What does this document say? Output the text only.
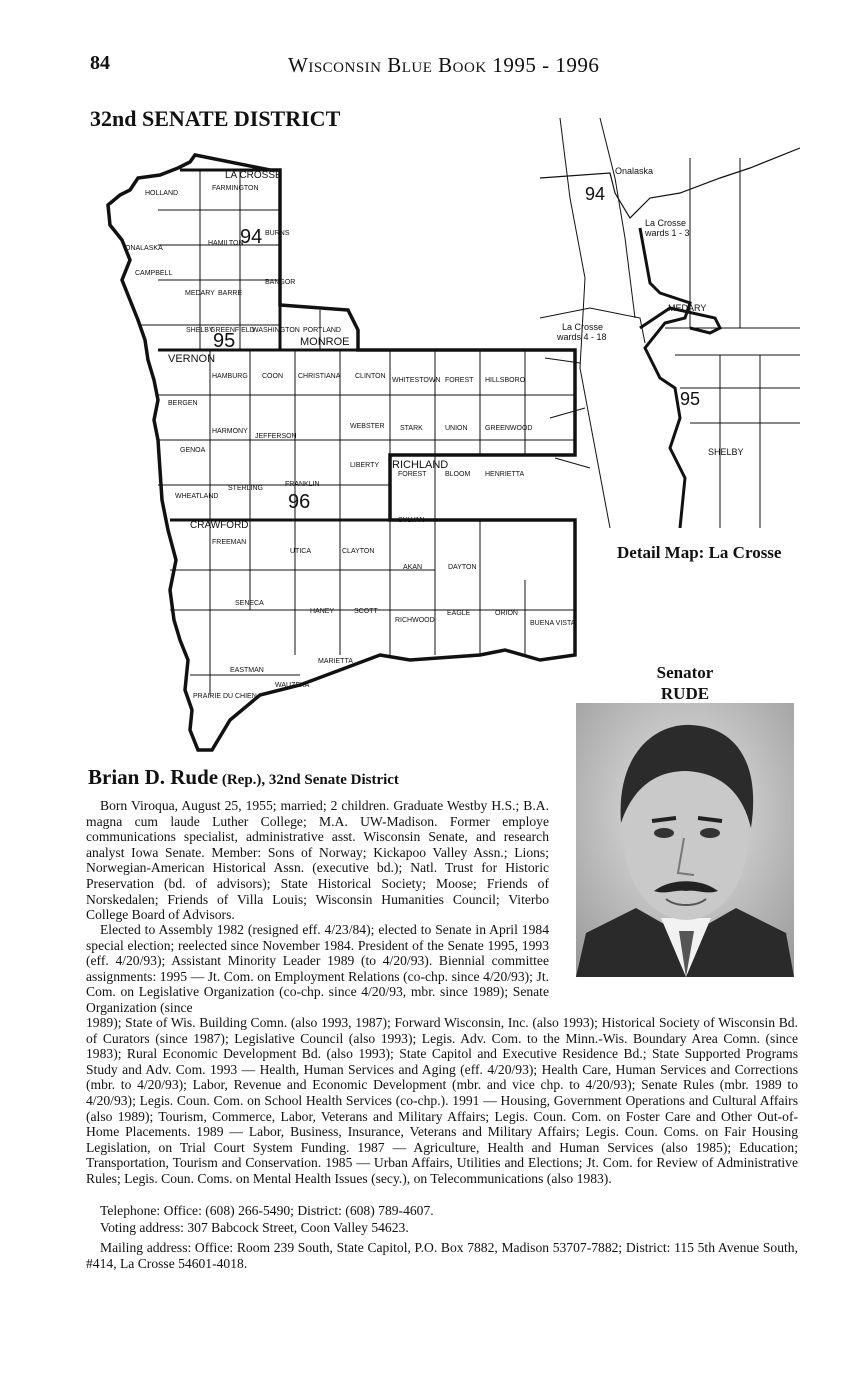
84	Wisconsin Blue Book 1995 - 1996
32nd SENATE DISTRICT
LA CROSSE
FARMINGTON
HOLLAND
HAMILTON
BURNS
ONALASKA
CAMPBELL
MEDARY BARRE
BANGOR
SHELBY
GREENFIELD
WASHINGTON PORTLAND
MONROE
VERNON
HAMBURG COON CHRISTIANA CLINTON
WHITESTOWN FOREST HILLSBORO
BERGEN
HARMONY
JEFFERSON
WEBSTER STARK	UNION GREENWOOD
GENOA
STERLING
FRANKLIN
LIBERTY RICHLAND
FOREST	BLOOM HENRIETTA
WHEATLAND
CRAWFORD
FREEMAN
UTICA	CLAYTON
SYLVAN
AKAN	DAYTON
SENECA
HANEY	SCOTT
RICHWOOD
EAGLE	ORION
BUENA VISTA
EASTMAN
WAUZEKA
PRAIRIE DU CHIEN
MARIETTA
94
95
96
Onalaska
94
La Crosse
wards 1 - 3
MEDARY
La Crosse
wards 4 - 18
95
SHELBY
Detail Map: La Crosse
Senator
RUDE
Brian D. Rude (Rep.), 32nd Senate District

Born Viroqua, August 25, 1955; married; 2 children. Graduate Westby H.S.; B.A. magna cum laude Luther College; M.A. UW-Madison. Former employe communications specialist, administrative asst. Wisconsin Senate, and research analyst Iowa Senate. Member: Sons of Norway; Kickapoo Valley Assn.; Lions; Norwegian-American Historical Assn. (executive bd.); Natl. Trust for Historic Preservation (bd. of advisors); State Historical Society; Moose; Friends of Norskedalen; Friends of Villa Louis; Wisconsin Humanities Council; Viterbo College Board of Advisors.

Elected to Assembly 1982 (resigned eff. 4/23/84); elected to Senate in April 1984 special election; reelected since November 1984. President of the Senate 1995, 1993 (eff. 4/20/93); Assistant Minority Leader 1989 (to 4/20/93). Biennial committee assignments: 1995 — Jt. Com. on Employment Relations (co-chp. since 4/20/93); Jt. Com. on Legislative Organization (co-chp. since 4/20/93, mbr. since 1989); Senate Organization (since

1989); State of Wis. Building Comn. (also 1993, 1987); Forward Wisconsin, Inc. (also 1993); Historical Society of Wisconsin Bd. of Curators (since 1987); Legislative Council (also 1993); Legis. Adv. Com. to the Minn.-Wis. Boundary Area Comn. (since 1983); Rural Economic Development Bd. (also 1993); State Capitol and Executive Residence Bd.; State Supported Programs Study and Adv. Com. 1993 — Health, Human Services and Aging (eff. 4/20/93); Health Care, Human Services and Corrections (mbr. to 4/20/93); Labor, Revenue and Economic Development (mbr. and vice chp. to 4/20/93); Senate Rules (mbr. 1989 to 4/20/93); Legis. Coun. Com. on School Health Services (co-chp.). 1991 — Housing, Government Operations and Cultural Affairs (also 1989); Tourism, Commerce, Labor, Veterans and Military Affairs; Legis. Coun. Com. on Foster Care and Other Out-of-Home Placements. 1989 — Labor, Business, Insurance, Veterans and Military Affairs; Legis. Coun. Coms. on Fair Housing Legislation, on Trial Court System Funding. 1987 — Agriculture, Health and Human Services (also 1985); Education; Transportation, Tourism and Conservation. 1985 — Urban Affairs, Utilities and Elections; Jt. Com. for Review of Administrative Rules; Legis. Coun. Coms. on Mental Health Issues (secy.), on Telecommunications (also 1983).

Telephone: Office: (608) 266-5490; District: (608) 789-4607.
Voting address: 307 Babcock Street, Coon Valley 54623.
Mailing address: Office: Room 239 South, State Capitol, P.O. Box 7882, Madison 53707-7882; District: 115 5th Avenue South, #414, La Crosse 54601-4018.
